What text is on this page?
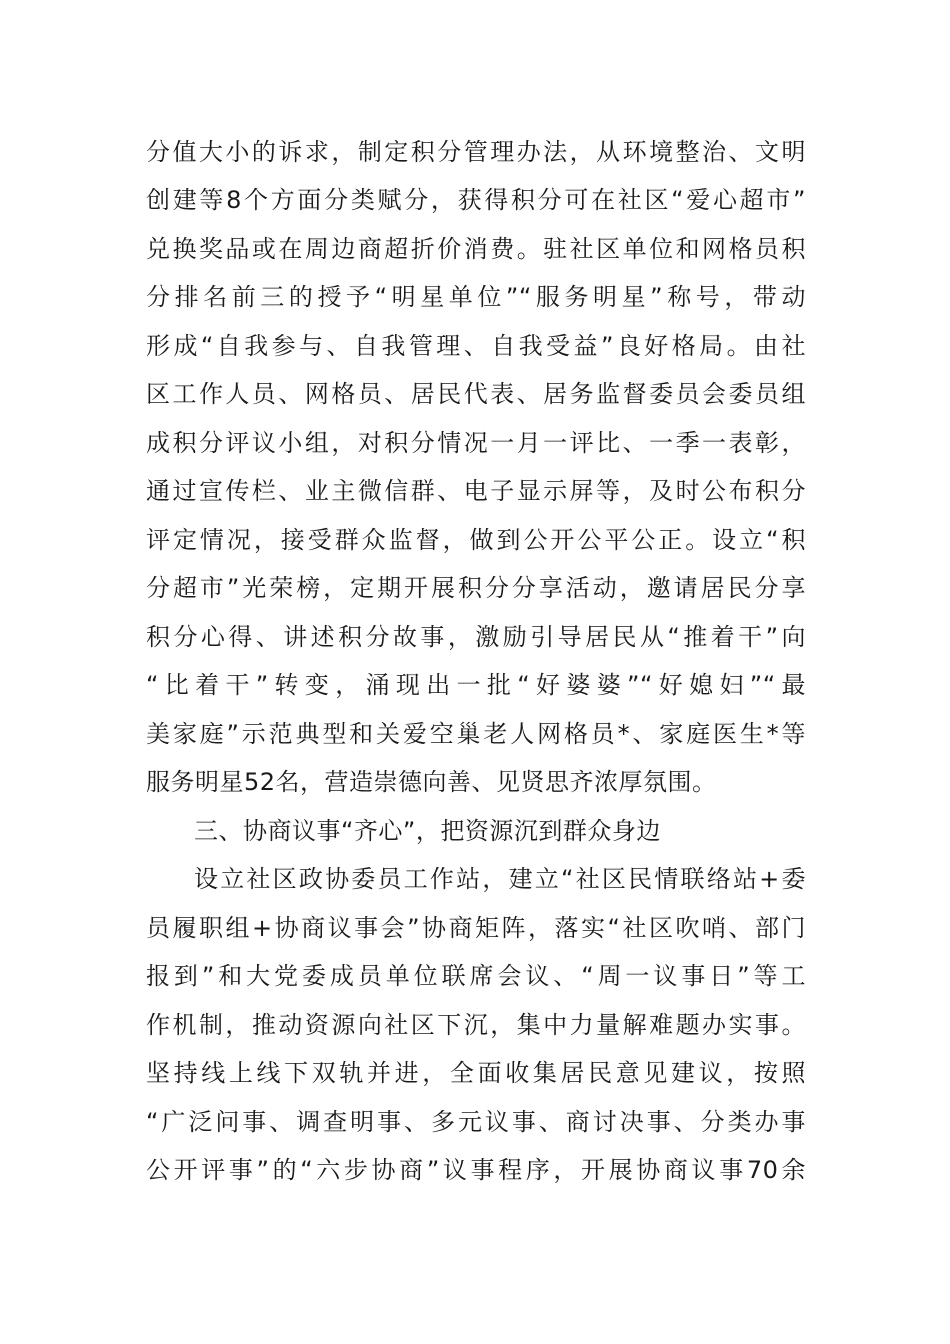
分值大小的诉求，制定积分管理办法，从环境整治、文明
创建等8个方面分类赋分，获得积分可在社区“爱心超市”
兑换奖品或在周边商超折价消费。驻社区单位和网格员积
分排名前三的授予“明星单位”“服务明星”称号，带动
形成“自我参与、自我管理、自我受益”良好格局。由社
区工作人员、网格员、居民代表、居务监督委员会委员组
成积分评议小组，对积分情况一月一评比、一季一表彰，
通过宣传栏、业主微信群、电子显示屏等，及时公布积分
评定情况，接受群众监督，做到公开公平公正。设立“积
分超市”光荣榜，定期开展积分分享活动，邀请居民分享
积分心得、讲述积分故事，激励引导居民从“推着干”向
“比着干”转变，涌现出一批“好婆婆”“好媳妇”“最
美家庭”示范典型和关爱空巢老人网格员*、家庭医生*等
服务明星52名，营造崇德向善、见贤思齐浓厚氛围。
三、协商议事“齐心”，把资源沉到群众身边
设立社区政协委员工作站，建立“社区民情联络站+委
员履职组+协商议事会”协商矩阵，落实“社区吹哨、部门
报到”和大党委成员单位联席会议、“周一议事日”等工
作机制，推动资源向社区下沉，集中力量解难题办实事。
坚持线上线下双轨并进，全面收集居民意见建议，按照
“广泛问事、调查明事、多元议事、商讨决事、分类办事
公开评事”的“六步协商”议事程序，开展协商议事70余
